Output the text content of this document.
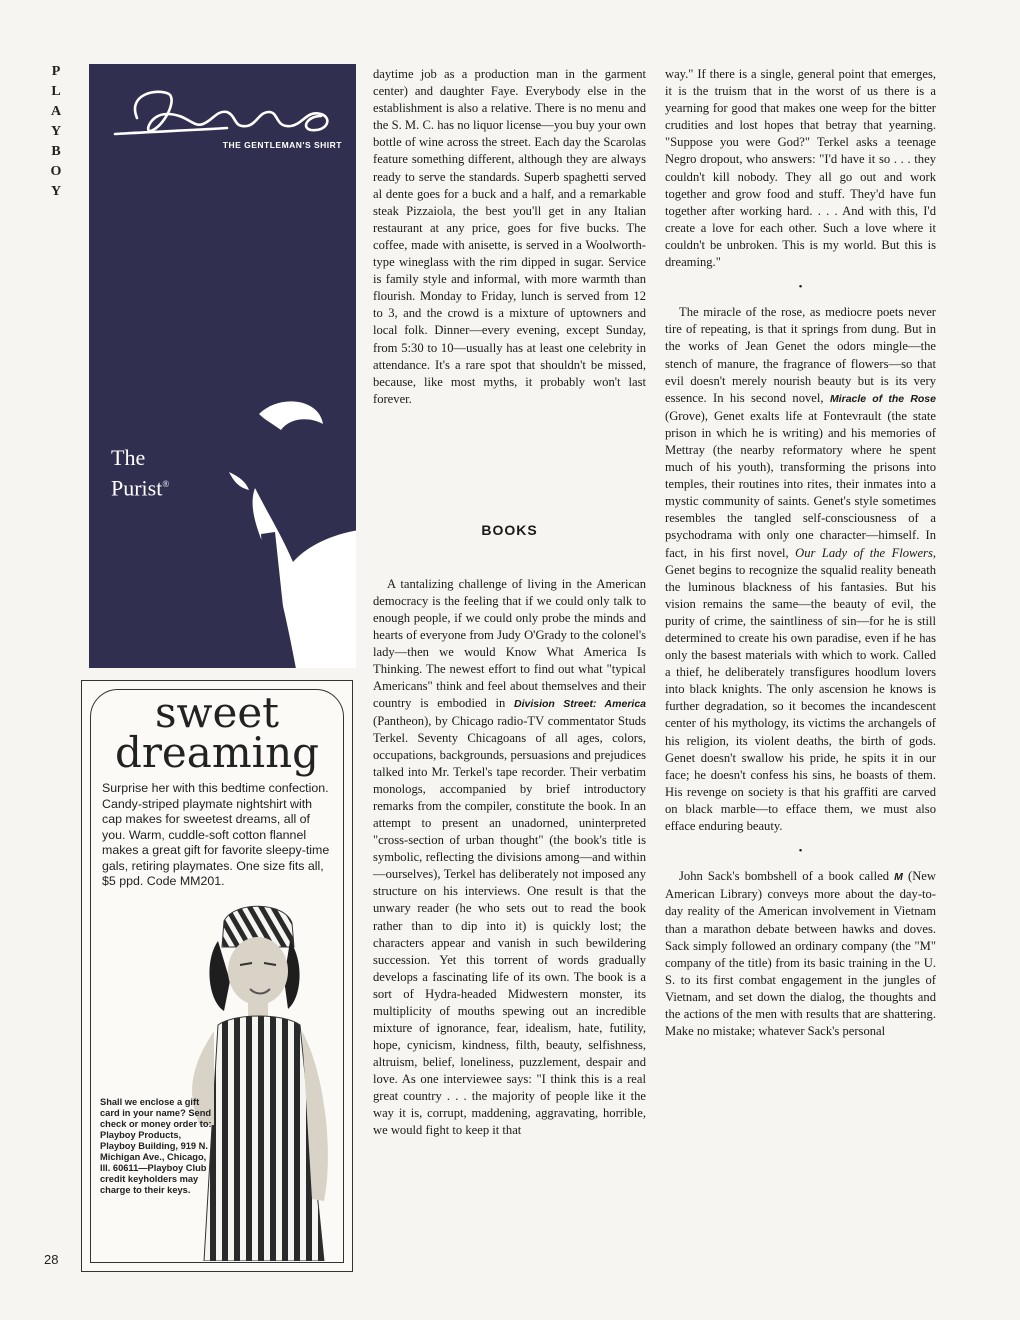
P
L
A
Y
B
O
Y
28
THE GENTLEMAN'S SHIRT
The
Purist®
sweet
dreaming
Surprise her with this bedtime confection. Candy-striped playmate nightshirt with cap makes for sweetest dreams, all of you. Warm, cuddle-soft cotton flannel makes a great gift for favorite sleepy-time gals, retiring playmates. One size fits all, $5 ppd. Code MM201.
Shall we enclose a gift card in your name? Send check or money order to: Playboy Products, Playboy Building, 919 N. Michigan Ave., Chicago, Ill. 60611—Playboy Club credit keyholders may charge to their keys.

daytime job as a production man in the garment center) and daughter Faye. Everybody else in the establishment is also a relative. There is no menu and the S. M. C. has no liquor license—you buy your own bottle of wine across the street. Each day the Scarolas feature something different, although they are always ready to serve the standards. Superb spaghetti served al dente goes for a buck and a half, and a remarkable steak Pizzaiola, the best you'll get in any Italian restaurant at any price, goes for five bucks. The coffee, made with anisette, is served in a Woolworth-type wineglass with the rim dipped in sugar. Service is family style and informal, with more warmth than flourish. Monday to Friday, lunch is served from 12 to 3, and the crowd is a mixture of uptowners and local folk. Dinner—every evening, except Sunday, from 5:30 to 10—usually has at least one celebrity in attendance. It's a rare spot that shouldn't be missed, because, like most myths, it probably won't last forever.

BOOKS

A tantalizing challenge of living in the American democracy is the feeling that if we could only talk to enough people, if we could only probe the minds and hearts of everyone from Judy O'Grady to the colonel's lady—then we would Know What America Is Thinking. The newest effort to find out what "typical Americans" think and feel about themselves and their country is embodied in Division Street: America (Pantheon), by Chicago radio-TV commentator Studs Terkel. Seventy Chicagoans of all ages, colors, occupations, backgrounds, persuasions and prejudices talked into Mr. Terkel's tape recorder. Their verbatim monologs, accompanied by brief introductory remarks from the compiler, constitute the book. In an attempt to present an unadorned, uninterpreted "cross-section of urban thought" (the book's title is symbolic, reflecting the divisions among—and within—ourselves), Terkel has deliberately not imposed any structure on his interviews. One result is that the unwary reader (he who sets out to read the book rather than to dip into it) is quickly lost; the characters appear and vanish in such bewildering succession. Yet this torrent of words gradually develops a fascinating life of its own. The book is a sort of Hydra-headed Midwestern monster, its multiplicity of mouths spewing out an incredible mixture of ignorance, fear, idealism, hate, futility, hope, cynicism, kindness, filth, beauty, selfishness, altruism, belief, loneliness, puzzlement, despair and love. As one interviewee says: "I think this is a real great country . . . the majority of people like it the way it is, corrupt, maddening, aggravating, horrible, we would fight to keep it that

way." If there is a single, general point that emerges, it is the truism that in the worst of us there is a yearning for good that makes one weep for the bitter crudities and lost hopes that betray that yearning. "Suppose you were God?" Terkel asks a teenage Negro dropout, who answers: "I'd have it so . . . they couldn't kill nobody. They all go out and work together and grow food and stuff. They'd have fun together after working hard. . . . And with this, I'd create a love for each other. Such a love where it couldn't be unbroken. This is my world. But this is dreaming."

•

The miracle of the rose, as mediocre poets never tire of repeating, is that it springs from dung. But in the works of Jean Genet the odors mingle—the stench of manure, the fragrance of flowers—so that evil doesn't merely nourish beauty but is its very essence. In his second novel, Miracle of the Rose (Grove), Genet exalts life at Fontevrault (the state prison in which he is writing) and his memories of Mettray (the nearby reformatory where he spent much of his youth), transforming the prisons into temples, their routines into rites, their inmates into a mystic community of saints. Genet's style sometimes resembles the tangled self-consciousness of a psychodrama with only one character—himself. In fact, in his first novel, Our Lady of the Flowers, Genet begins to recognize the squalid reality beneath the luminous blackness of his fantasies. But his vision remains the same—the beauty of evil, the purity of crime, the saintliness of sin—for he is still determined to create his own paradise, even if he has only the basest materials with which to work. Called a thief, he deliberately transfigures hoodlum lovers into black knights. The only ascension he knows is further degradation, so it becomes the incandescent center of his mythology, its victims the archangels of his religion, its violent deaths, the birth of gods. Genet doesn't swallow his pride, he spits it in our face; he doesn't confess his sins, he boasts of them. His revenge on society is that his graffiti are carved on black marble—to efface them, we must also efface enduring beauty.

•

John Sack's bombshell of a book called M (New American Library) conveys more about the day-to-day reality of the American involvement in Vietnam than a marathon debate between hawks and doves. Sack simply followed an ordinary company (the "M" company of the title) from its basic training in the U. S. to its first combat engagement in the jungles of Vietnam, and set down the dialog, the thoughts and the actions of the men with results that are shattering. Make no mistake; whatever Sack's personal
